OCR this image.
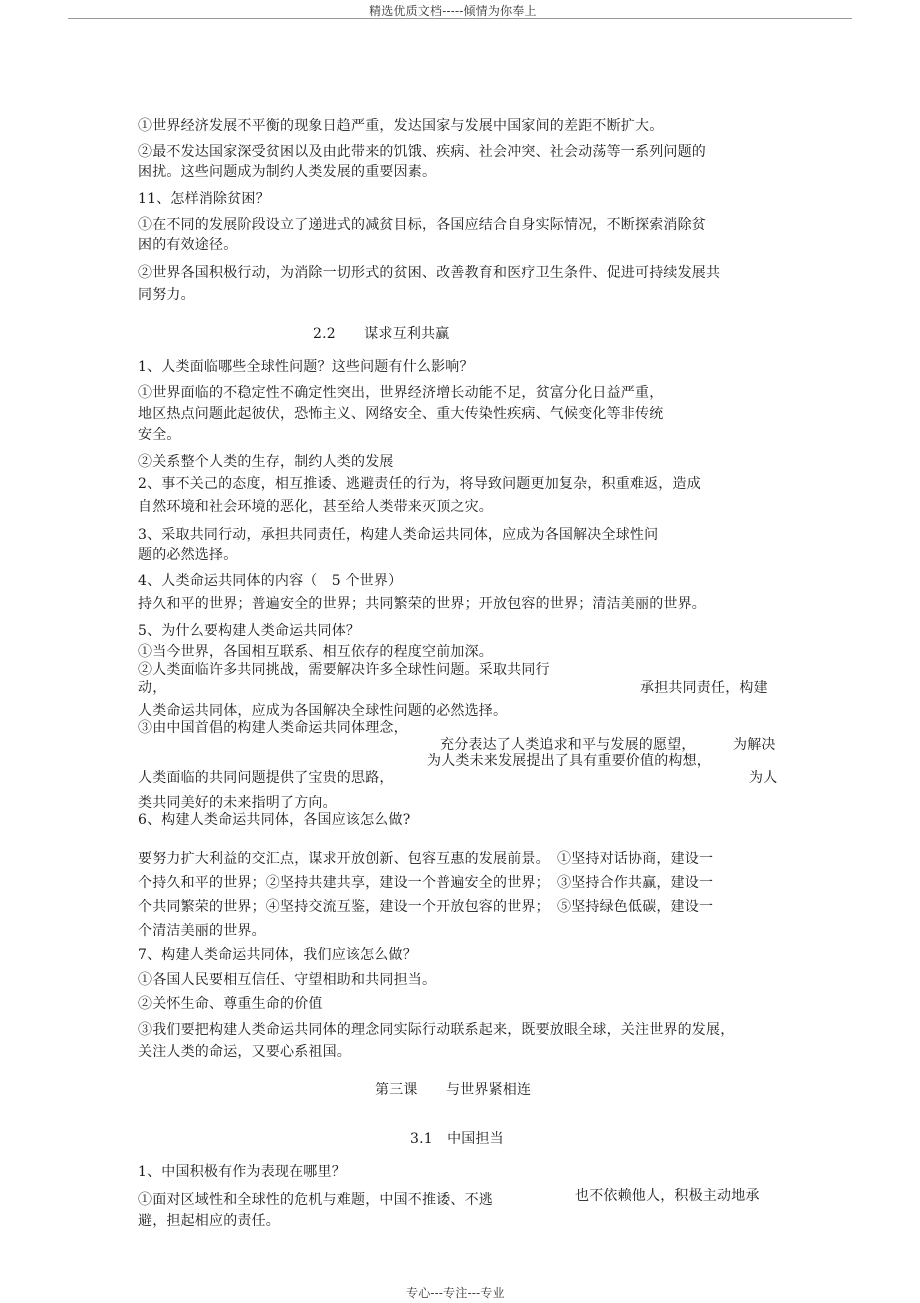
精选优质文档-----倾情为你奉上
①世界经济发展不平衡的现象日趋严重，发达国家与发展中国家间的差距不断扩大。
②最不发达国家深受贫困以及由此带来的饥饿、疾病、社会冲突、社会动荡等一系列问题的
困扰。这些问题成为制约人类发展的重要因素。
11、怎样消除贫困？
①在不同的发展阶段设立了递进式的减贫目标，各国应结合自身实际情况，不断探索消除贫
困的有效途径。
②世界各国积极行动，为消除一切形式的贫困、改善教育和医疗卫生条件、促进可持续发展共
同努力。
2.2　　谋求互利共赢
1、人类面临哪些全球性问题？这些问题有什么影响？
①世界面临的不稳定性不确定性突出，世界经济增长动能不足，贫富分化日益严重，
地区热点问题此起彼伏，恐怖主义、网络安全、重大传染性疾病、气候变化等非传统
安全。
②关系整个人类的生存，制约人类的发展
2、事不关己的态度，相互推诿、逃避责任的行为，将导致问题更加复杂，积重难返，造成
自然环境和社会环境的恶化，甚至给人类带来灭顶之灾。
3、采取共同行动，承担共同责任，构建人类命运共同体，应成为各国解决全球性问
题的必然选择。
4、人类命运共同体的内容（　5 个世界）
持久和平的世界；普遍安全的世界；共同繁荣的世界；开放包容的世界；清洁美丽的世界。
5、为什么要构建人类命运共同体？
①当今世界，各国相互联系、相互依存的程度空前加深。
②人类面临许多共同挑战，需要解决许多全球性问题。采取共同行
动，	承担共同责任，构建
人类命运共同体，应成为各国解决全球性问题的必然选择。
③由中国首倡的构建人类命运共同体理念，
充分表达了人类追求和平与发展的愿望，	为解决
为人类未来发展提出了具有重要价值的构想，
人类面临的共同问题提供了宝贵的思路，	为人
类共同美好的未来指明了方向。
6、构建人类命运共同体，各国应该怎么做?
要努力扩大利益的交汇点，谋求开放创新、包容互惠的发展前景。　①坚持对话协商，建设一
个持久和平的世界；②坚持共建共享，建设一个普遍安全的世界；　③坚持合作共赢，建设一
个共同繁荣的世界；④坚持交流互鉴，建设一个开放包容的世界；　⑤坚持绿色低碳，建设一
个清洁美丽的世界。
7、构建人类命运共同体，我们应该怎么做？
①各国人民要相互信任、守望相助和共同担当。
②关怀生命、尊重生命的价值
③我们要把构建人类命运共同体的理念同实际行动联系起来，既要放眼全球，关注世界的发展，
关注人类的命运，又要心系祖国。
第三课　　与世界紧相连
3.1　中国担当
1、中国积极有作为表现在哪里？
①面对区域性和全球性的危机与难题，中国不推诿、不逃	也不依赖他人，积极主动地承
避，担起相应的责任。
专心---专注---专业
